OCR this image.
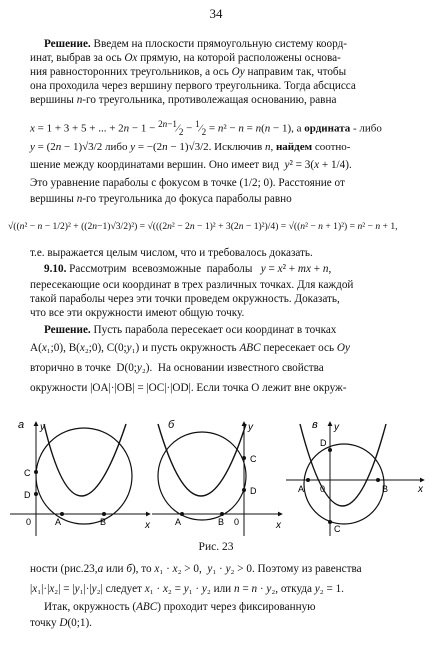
34
Решение. Введем на плоскости прямоугольную систему коорд-
инат, выбрав за ось Ox прямую, на которой расположены основа-
ния равносторонних треугольников, а ось Oy направим так, чтобы
она проходила через вершину первого треугольника. Тогда абсцисса
вершины n-го треугольника, противолежащая основанию, равна
x = 1 + 3 + 5 + ... + $2n - 1 - ^{2n-1}⁄_2$ − $^1⁄_2 = n^2 - n = n(n - 1)$, а ордината - либо
y = (2n − 1)√3/2 либо y = −(2n − 1)√3/2. Исключив n, найдем соотно-
шение между координатами вершин. Оно имеет вид  y² = 3(x + 1/4).
Это уравнение параболы с фокусом в точке (1/2; 0). Расстояние от
вершины n-го треугольника до фокуса параболы равно
√((n² − n − 1/2)² + ((2n−1)√3/2)²) = √(((2n² − 2n − 1)² + 3(2n − 1)²)/4) = √((n² − n + 1)²) = n² − n + 1,
т.е. выражается целым числом, что и требовалось доказать.
9.10. Рассмотрим  всевозможные  параболы   y = x² + mx + n,
пересекающие оси координат в трех различных точках. Для каждой
такой параболы через эти точки проведем окружность. Доказать,
что все эти окружности имеют общую точку.
Решение. Пусть парабола пересекает оси координат в точках
A(x₁;0), B(x₂;0), C(0;y₁) и пусть окружность ABC пересекает ось Oy
вторично в точке  D(0;y₂).  На основании известного свойства
окружности |OA|·|OB| = |OC|·|OD|. Если точка O лежит вне окруж-
а
x
y
C
D
A	B
0
б
x
y
C
D
A	B 0
в
x
y
D
C
A	B
0
Рис. 23
ности (рис.23,а или б), то x₁ · x₂ > 0,  y₁ · y₂ > 0. Поэтому из равенства
|x₁|·|x₂| = |y₁|·|y₂| следует x₁ · x₂ = y₁ · y₂ или n = n · y₂, откуда y₂ = 1.
Итак, окружность (ABC) проходит через фиксированную
точку D(0;1).
